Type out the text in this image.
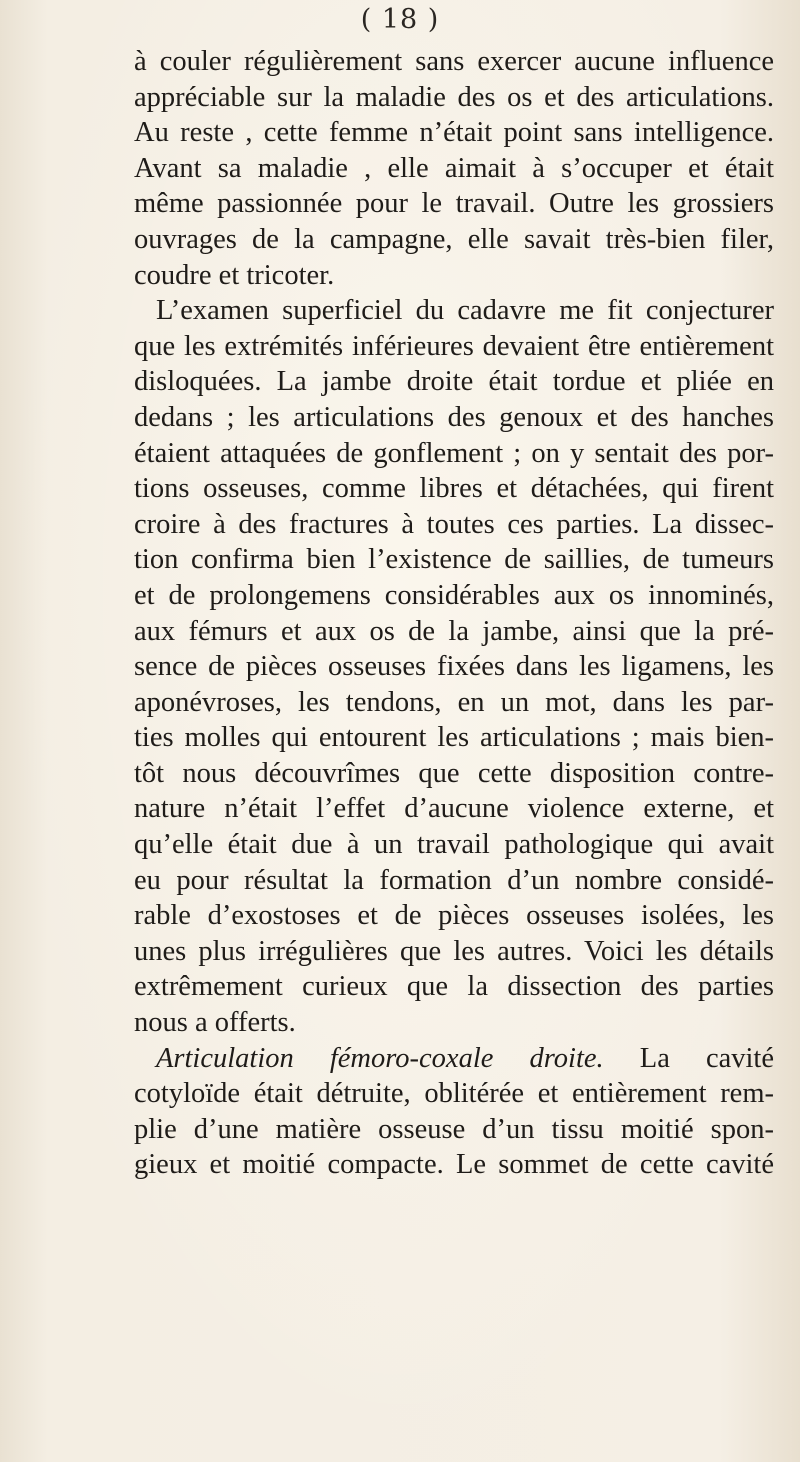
( 18 )

à couler régulièrement sans exercer aucune influence
appréciable sur la maladie des os et des articulations.
Au reste , cette femme n’était point sans intelligence.
Avant sa maladie , elle aimait à s’occuper et était
même passionnée pour le travail. Outre les grossiers
ouvrages de la campagne, elle savait très-bien filer,
coudre et tricoter.
L’examen superficiel du cadavre me fit conjecturer
que les extrémités inférieures devaient être entièrement
disloquées. La jambe droite était tordue et pliée en
dedans ; les articulations des genoux et des hanches
étaient attaquées de gonflement ; on y sentait des por-
tions osseuses, comme libres et détachées, qui firent
croire à des fractures à toutes ces parties. La dissec-
tion confirma bien l’existence de saillies, de tumeurs
et de prolongemens considérables aux os innominés,
aux fémurs et aux os de la jambe, ainsi que la pré-
sence de pièces osseuses fixées dans les ligamens, les
aponévroses, les tendons, en un mot, dans les par-
ties molles qui entourent les articulations ; mais bien-
tôt nous découvrîmes que cette disposition contre-
nature n’était l’effet d’aucune violence externe, et
qu’elle était due à un travail pathologique qui avait
eu pour résultat la formation d’un nombre considé-
rable d’exostoses et de pièces osseuses isolées, les
unes plus irrégulières que les autres. Voici les détails
extrêmement curieux que la dissection des parties
nous a offerts.
Articulation fémoro-coxale droite. La cavité
cotyloïde était détruite, oblitérée et entièrement rem-
plie d’une matière osseuse d’un tissu moitié spon-
gieux et moitié compacte. Le sommet de cette cavité
